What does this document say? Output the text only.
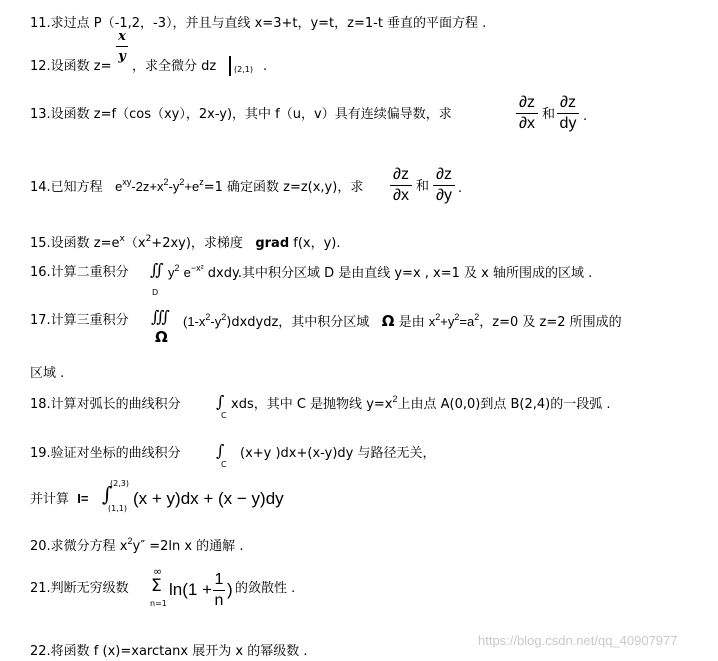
11.求过点 P（-1,2，-3），并且与直线 x=3+t，y=t，z=1-t 垂直的平面方程 .
12.设函数 z=
x
y
，求全微分 dz (2,1) .
13.设函数 z=f（cos（xy），2x-y)，其中 f（u，v）具有连续偏导数，求
∂z
∂x
和
∂z
dy .
14.已知方程 $e^{xy}-2z+x^2-y^2+e^z=1$ 确定函数 z=z(x,y)，求
∂z
∂x
和
∂z
∂y .
15.设函数 $z=e^x(x^2+2xy)$，求梯度 grad f(x，y).
16.计算二重积分 ∬
D
$y^2$ $e^{-x^2}$ dxdy.其中积分区域 D 是由直线 y=x , x=1 及 x 轴所围成的区域 .
17.计算三重积分 ∭
Ω
$(1-x^2-y^2)dxdydz$，其中积分区域 Ω 是由 $x^2+y^2=a^2$，z=0 及 z=2 所围成的
区域 .
18.计算对弧长的曲线积分 ∫
C
xds，其中 C 是抛物线 $y=x^2$上由点 A(0,0)到点 B(2,4)的一段弧 .
19.验证对坐标的曲线积分 ∫
C
(x+y )dx+(x-y)dy 与路径无关，
并计算 I= ∫
(2,3)
(1,1)
(x + y)dx + (x − y)dy
20.求微分方程 $x^2y'' =2\ln$ x 的通解 .
21.判断无穷级数
∞
Σ
n=1
ln(1 +
1
n
) 的敛散性 .
22.将函数 f (x)=xarctanx 展开为 x 的幂级数 .
https://blog.csdn.net/qq_40907977
